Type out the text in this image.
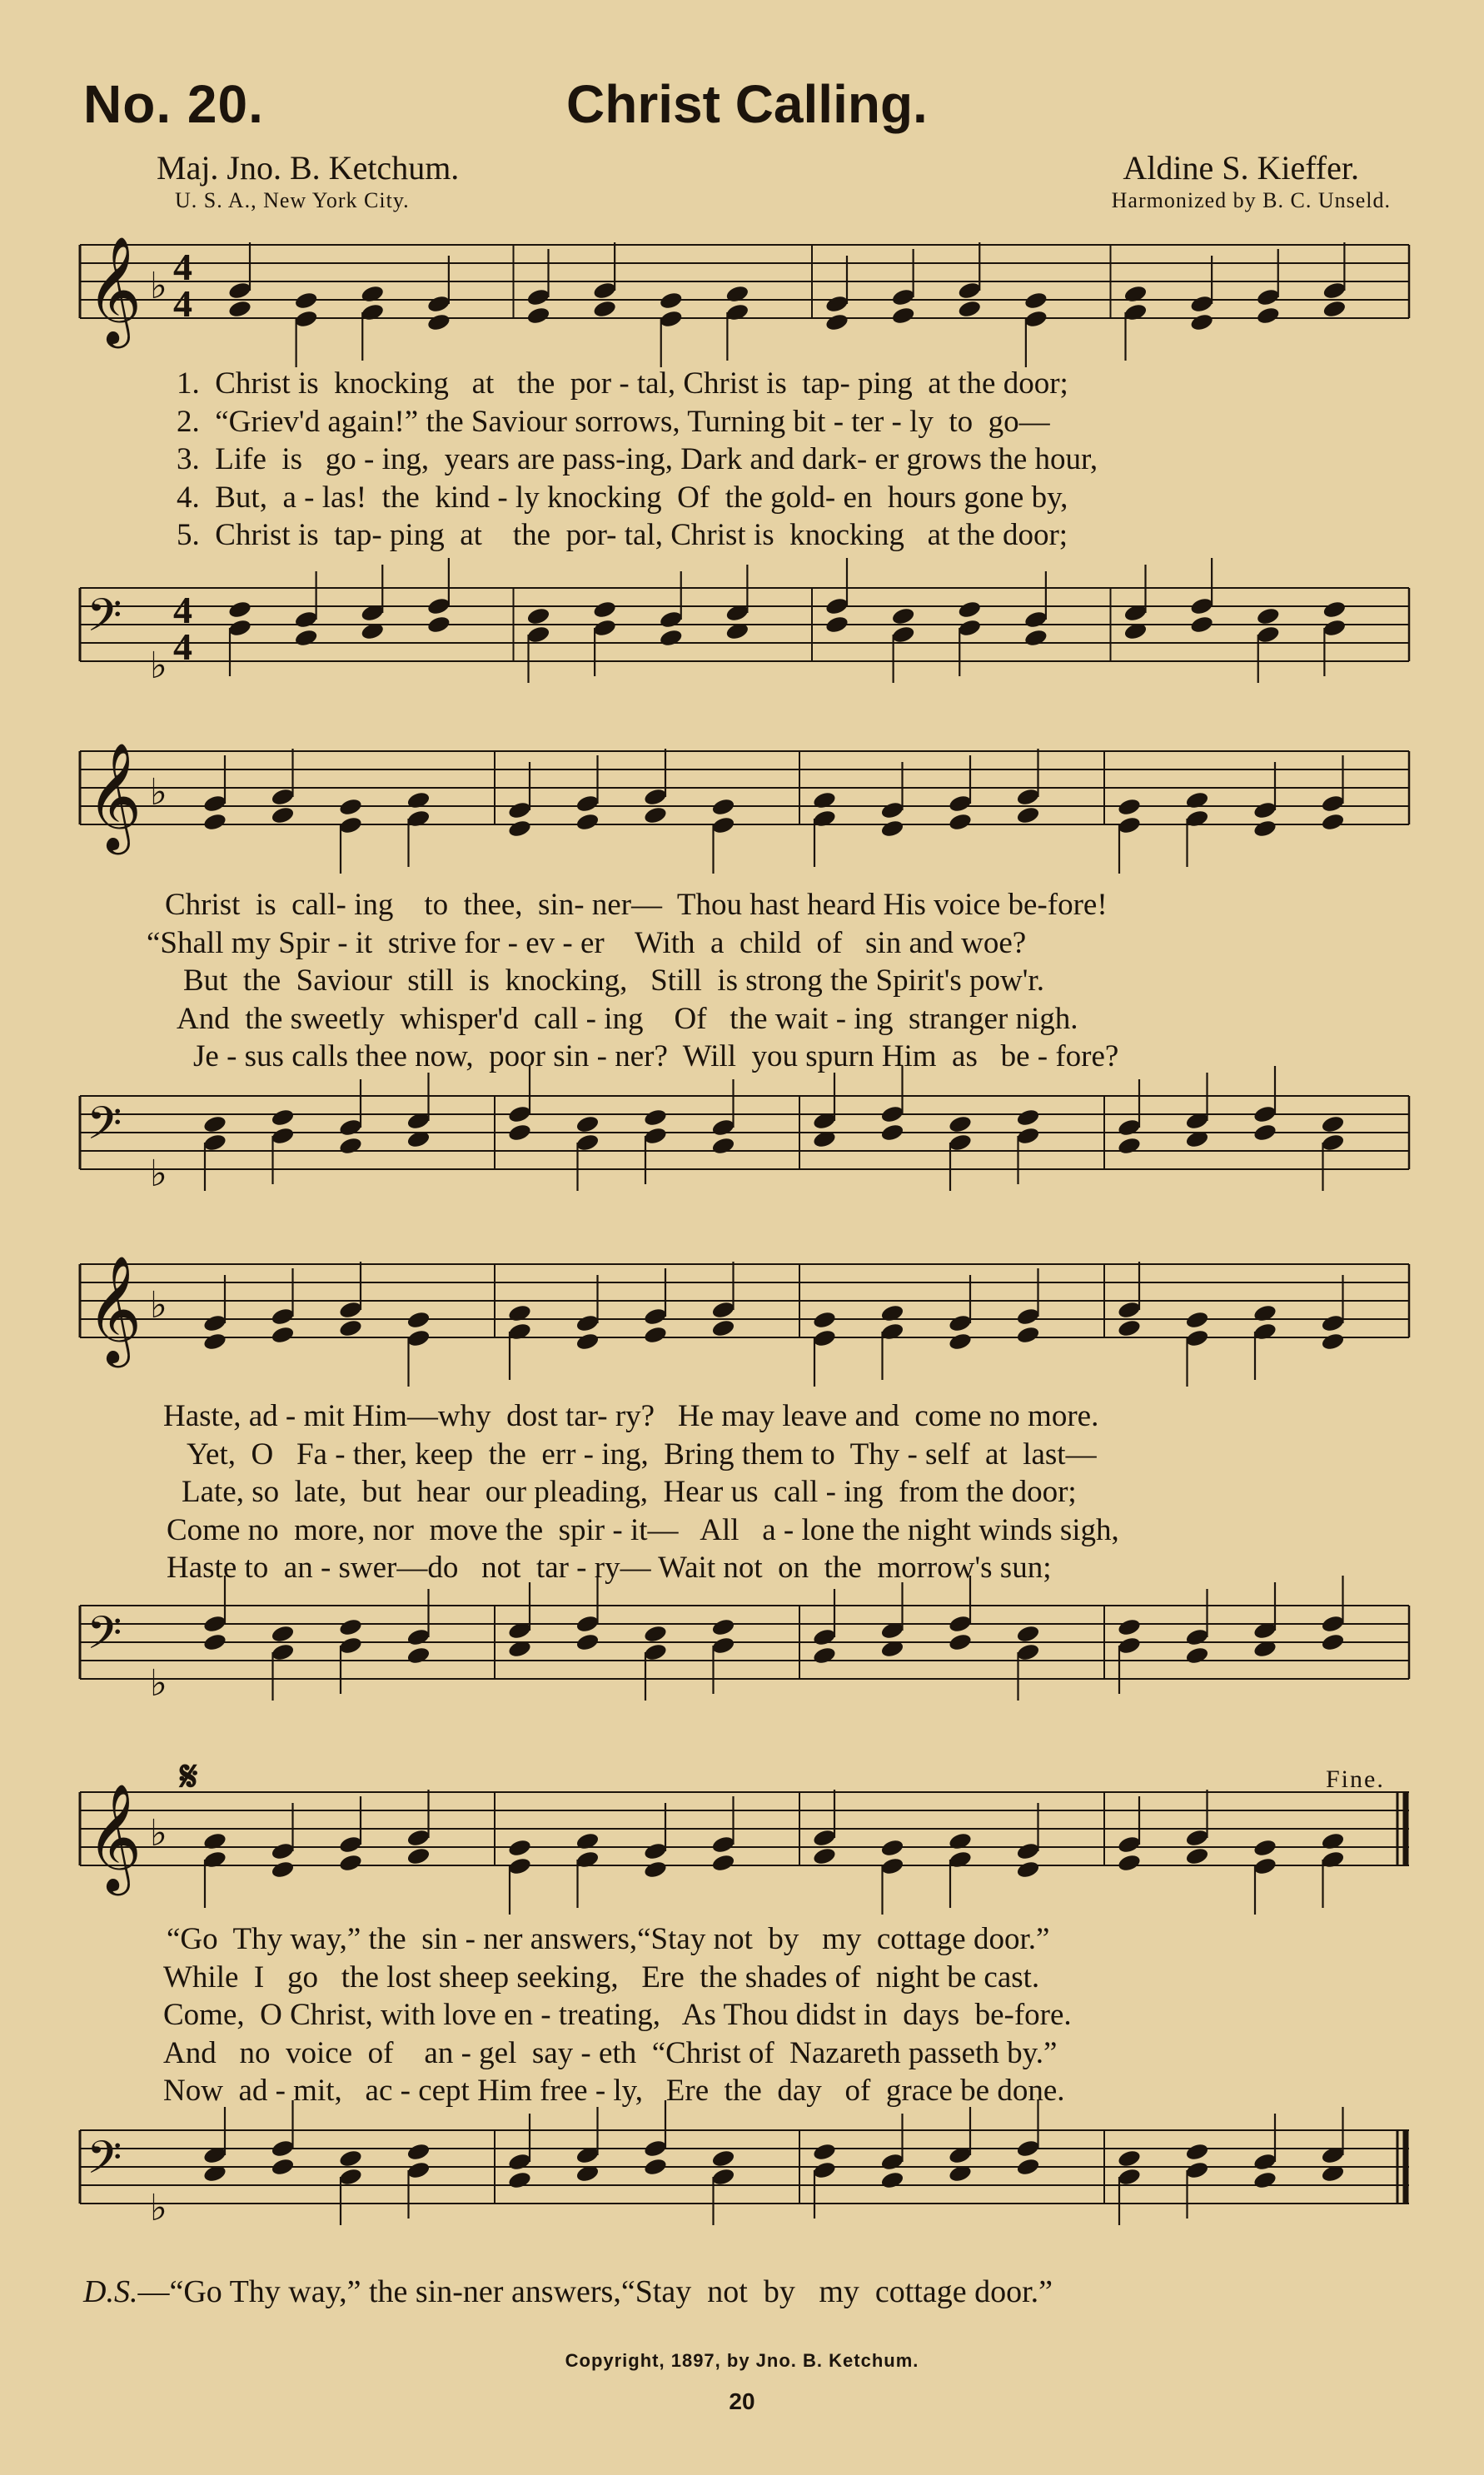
No. 20.	Christ Calling.
Maj. Jno. B. Ketchum.
U. S. A., New York City.
Aldine S. Kieffer.
Harmonized by B. C. Unseld.
𝄞 ♭ 4
4
1.  Christ is  knocking   at   the  por - tal, Christ is  tap- ping  at the door;
2.  “Griev'd again!” the Saviour sorrows, Turning bit - ter - ly  to  go—
3.  Life  is   go - ing,  years are pass-ing, Dark and dark- er grows the hour,
4.  But,  a - las!  the  kind - ly knocking  Of  the gold- en  hours gone by,
5.  Christ is  tap- ping  at    the  por- tal, Christ is  knocking   at the door;
𝄢
♭
4
4
𝄞 ♭
Christ  is  call- ing    to  thee,  sin- ner—  Thou hast heard His voice be-fore!
“Shall my Spir - it  strive for - ev - er    With  a  child  of   sin and woe?
But  the  Saviour  still  is  knocking,   Still  is strong the Spirit's pow'r.
And  the sweetly  whisper'd  call - ing    Of   the wait - ing  stranger nigh.
Je - sus calls thee now,  poor sin - ner?  Will  you spurn Him  as   be - fore?
𝄢
♭
𝄞 ♭
Haste, ad - mit Him—why  dost tar- ry?   He may leave and  come no more.
Yet,  O   Fa - ther, keep  the  err - ing,  Bring them to  Thy - self  at  last—
Late, so  late,  but  hear  our pleading,  Hear us  call - ing  from the door;
Come no  more, nor  move the  spir - it—   All   a - lone the night winds sigh,
Haste to  an - swer—do   not  tar - ry— Wait not  on  the  morrow's sun;
𝄢
♭
𝄋	Fine.
𝄞 ♭
“Go  Thy way,” the  sin - ner answers,“Stay not  by   my  cottage door.”
While  I   go   the lost sheep seeking,   Ere  the shades of  night be cast.
Come,  O Christ, with love en - treating,   As Thou didst in  days  be-fore.
And   no  voice  of    an - gel  say - eth  “Christ of  Nazareth passeth by.”
Now  ad - mit,   ac - cept Him free - ly,   Ere  the  day   of  grace be done.
𝄢
♭
D.S.—“Go Thy way,” the sin-ner answers,“Stay  not  by   my  cottage door.”
Copyright, 1897, by Jno. B. Ketchum.
20
